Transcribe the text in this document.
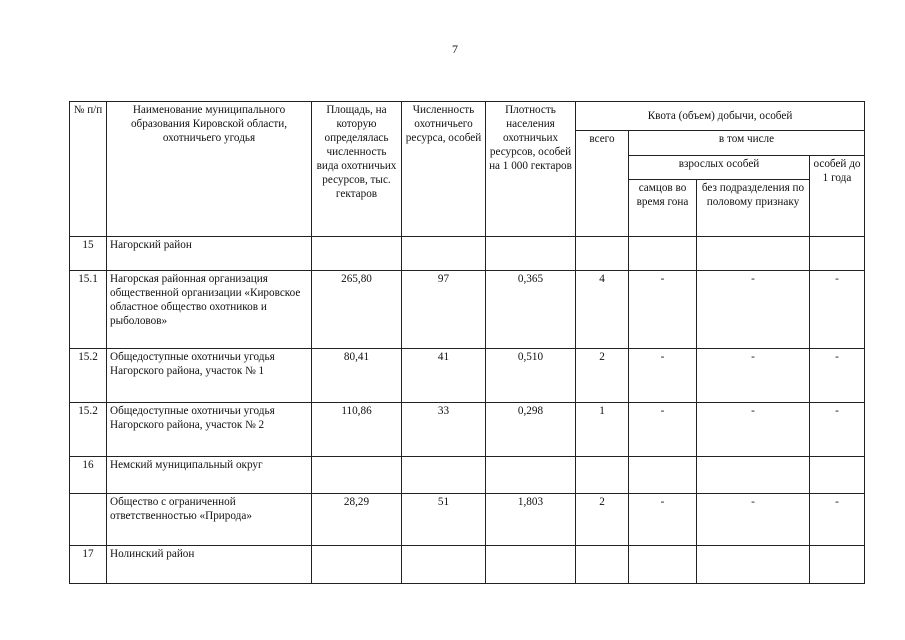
7
№ п/п	Наименование муниципального образования Кировской области, охотничьего угодья	Площадь, на которую определялась численность вида охотничьих ресурсов, тыс. гектаров	Численность охотничьего ресурса, особей	Плотность населения охотничьих ресурсов, особей на 1 000 гектаров	Квота (объем) добычи, особей			
					всего	в том числе		
						взрослых особей		особей до 1 года
						самцов во время гона	без подразделения по половому признаку	
15	Нагорский район							
15.1	Нагорская районная организация общественной организации «Кировское областное общество охотников и рыболовов»	265,80	97	0,365	4	-	-	-
15.2	Общедоступные охотничьи угодья Нагорского района, участок № 1	80,41	41	0,510	2	-	-	-
15.2	Общедоступные охотничьи угодья Нагорского района, участок № 2	110,86	33	0,298	1	-	-	-
16	Немский муниципальный округ							
	Общество с ограниченной ответственностью «Природа»	28,29	51	1,803	2	-	-	-
17	Нолинский район							
